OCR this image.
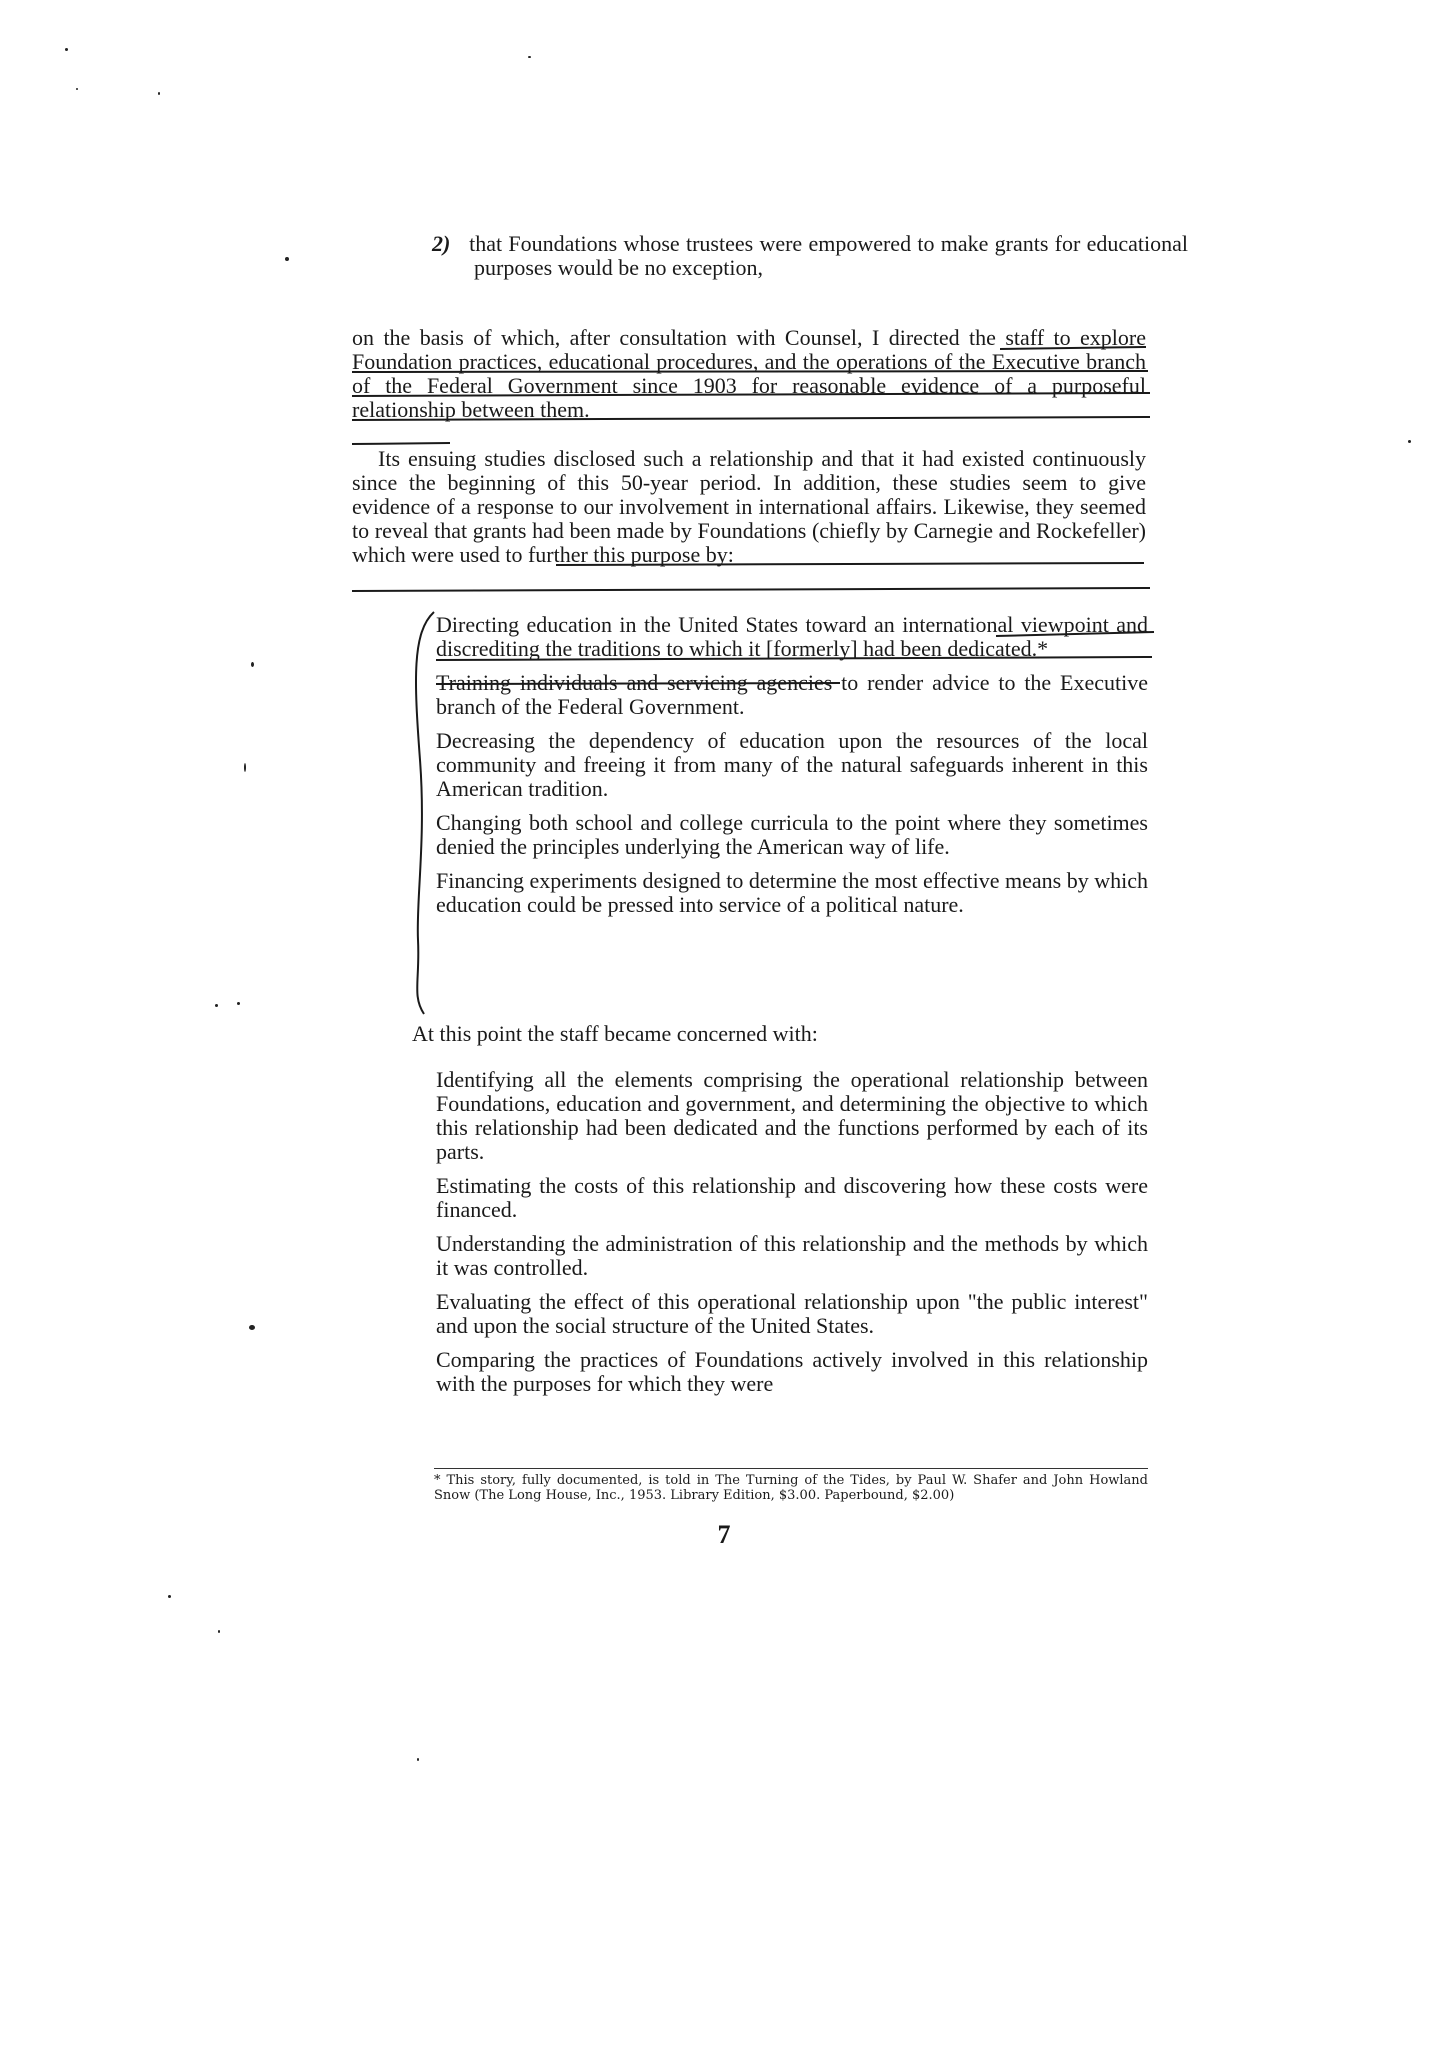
2) that Foundations whose trustees were empowered to make grants for educational purposes would be no exception,

on the basis of which, after consultation with Counsel, I directed the staff to explore Foundation practices, educational procedures, and the operations of the Executive branch of the Federal Government since 1903 for reasonable evidence of a purposeful relationship between them.

Its ensuing studies disclosed such a relationship and that it had existed continuously since the beginning of this 50-year period. In addition, these studies seem to give evidence of a response to our involvement in international affairs. Likewise, they seemed to reveal that grants had been made by Foundations (chiefly by Carnegie and Rockefeller) which were used to further this purpose by:

Directing education in the United States toward an international viewpoint and discrediting the traditions to which it [formerly] had been dedicated.*

Training individuals and servicing agencies to render advice to the Executive branch of the Federal Government.

Decreasing the dependency of education upon the resources of the local community and freeing it from many of the natural safeguards inherent in this American tradition.

Changing both school and college curricula to the point where they sometimes denied the principles underlying the American way of life.

Financing experiments designed to determine the most effective means by which education could be pressed into service of a political nature.

At this point the staff became concerned with:

Identifying all the elements comprising the operational relationship between Foundations, education and government, and determining the objective to which this relationship had been dedicated and the functions performed by each of its parts.

Estimating the costs of this relationship and discovering how these costs were financed.

Understanding the administration of this relationship and the methods by which it was controlled.

Evaluating the effect of this operational relationship upon "the public interest" and upon the social structure of the United States.

Comparing the practices of Foundations actively involved in this relationship with the purposes for which they were

* This story, fully documented, is told in The Turning of the Tides, by Paul W. Shafer and John Howland Snow (The Long House, Inc., 1953. Library Edition, $3.00. Paperbound, $2.00)
7
